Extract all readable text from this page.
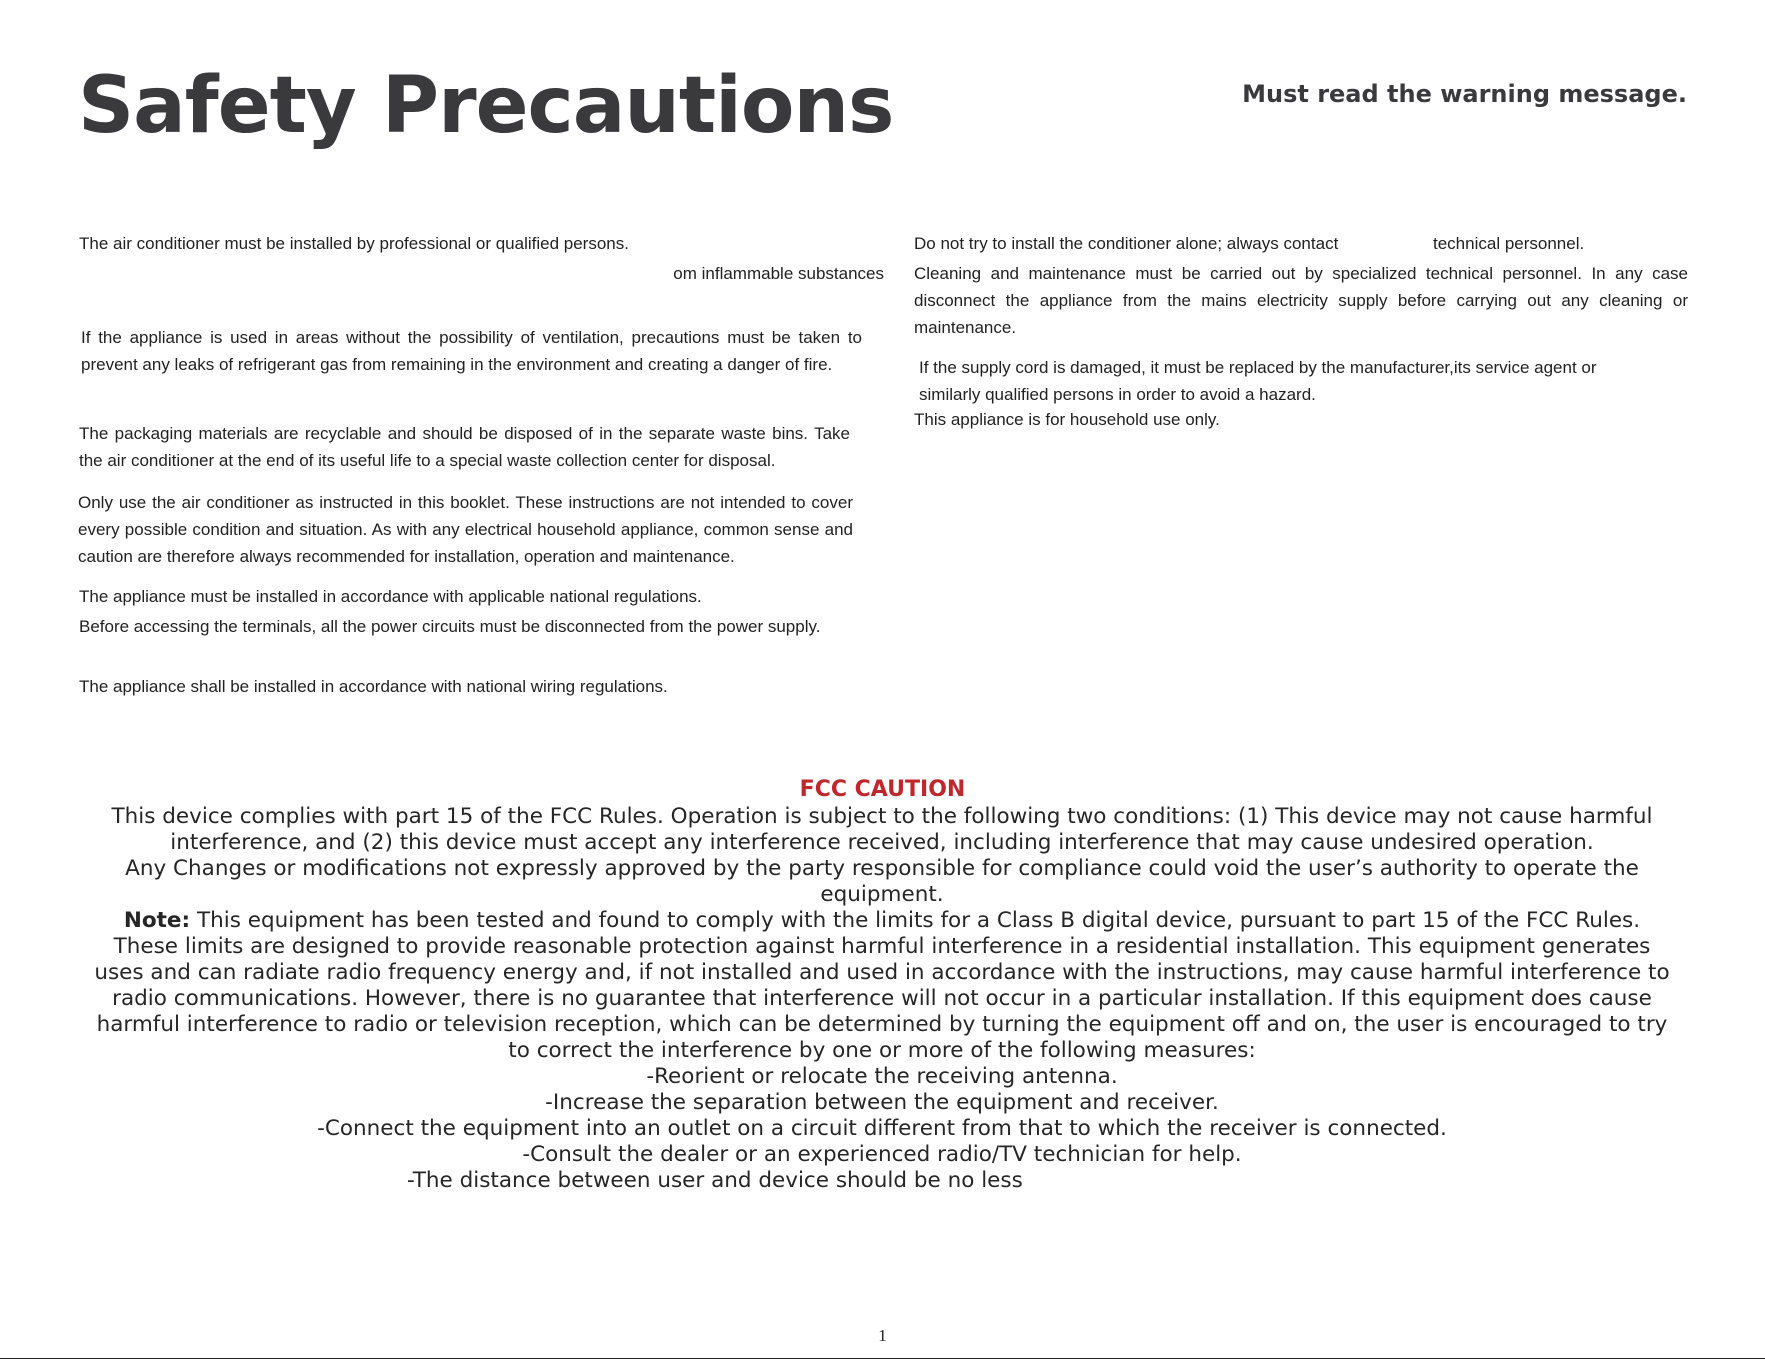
Safety Precautions	Must read the warning message.

The air conditioner must be installed by professional or qualified persons.

om inflammable substances

If the appliance is used in areas without the possibility of ventilation, precautions must be taken to prevent any leaks of refrigerant gas from remaining in the environment and creating a danger of fire.

The packaging materials are recyclable and should be disposed of in the separate waste bins. Take the air conditioner at the end of its useful life to a special waste collection center for disposal.

Only use the air conditioner as instructed in this booklet. These instructions are not intended to cover every possible condition and situation. As with any electrical household appliance, common sense and caution are therefore always recommended for installation, operation and maintenance.

The appliance must be installed in accordance with applicable national regulations.

Before accessing the terminals, all the power circuits must be disconnected from the power supply.

The appliance shall be installed in accordance with national wiring regulations.

Do not try to install the conditioner alone; always contact	technical personnel.

Cleaning and maintenance must be carried out by specialized technical personnel. In any case disconnect the appliance from the mains electricity supply before carrying out any cleaning or maintenance.

If the supply cord is damaged, it must be replaced by the manufacturer,its service agent or similarly qualified persons in order to avoid a hazard.

This appliance is for household use only.

FCC CAUTION

This device complies with part 15 of the FCC Rules. Operation is subject to the following two conditions: (1) This device may not cause harmful interference, and (2) this device must accept any interference received, including interference that may cause undesired operation.

Any Changes or modifications not expressly approved by the party responsible for compliance could void the user’s authority to operate the equipment.

Note: This equipment has been tested and found to comply with the limits for a Class B digital device, pursuant to part 15 of the FCC Rules. These limits are designed to provide reasonable protection against harmful interference in a residential installation. This equipment generates uses and can radiate radio frequency energy and, if not installed and used in accordance with the instructions, may cause harmful interference to radio communications. However, there is no guarantee that interference will not occur in a particular installation. If this equipment does cause harmful interference to radio or television reception, which can be determined by turning the equipment off and on, the user is encouraged to try to correct the interference by one or more of the following measures:

-Reorient or relocate the receiving antenna.

-Increase the separation between the equipment and receiver.

-Connect the equipment into an outlet on a circuit different from that to which the receiver is connected.

-Consult the dealer or an experienced radio/TV technician for help.

-The distance between user and device should be no less

1
